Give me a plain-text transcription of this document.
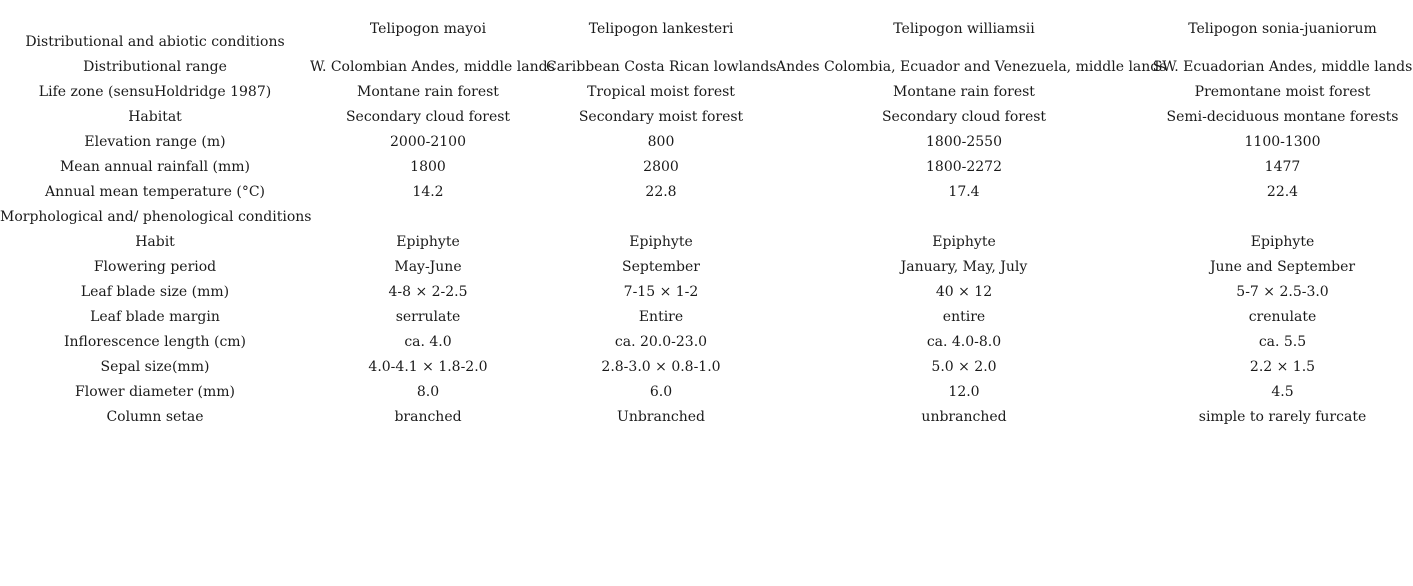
Distributional and abiotic conditions	Telipogon mayoi	Telipogon lankesteri	Telipogon williamsii	Telipogon sonia-juaniorum
Distributional range	W. Colombian Andes, middle lands	Caribbean Costa Rican lowlands	Andes Colombia, Ecuador and Venezuela, middle lands	SW. Ecuadorian Andes, middle lands
Life zone (sensuHoldridge 1987)	Montane rain forest	Tropical moist forest	Montane rain forest	Premontane moist forest
Habitat	Secondary cloud forest	Secondary moist forest	Secondary cloud forest	Semi-deciduous montane forests
Elevation range (m)	2000-2100	800	1800-2550	1100-1300
Mean annual rainfall (mm)	1800	2800	1800-2272	1477
Annual mean temperature (°C)	14.2	22.8	17.4	22.4
Morphological and/ phenological conditions				
Habit	Epiphyte	Epiphyte	Epiphyte	Epiphyte
Flowering period	May-June	September	January, May, July	June and September
Leaf blade size (mm)	4-8 × 2-2.5	7-15 × 1-2	40 × 12	5-7 × 2.5-3.0
Leaf blade margin	serrulate	Entire	entire	crenulate
Inflorescence length (cm)	ca. 4.0	ca. 20.0-23.0	ca. 4.0-8.0	ca. 5.5
Sepal size(mm)	4.0-4.1 × 1.8-2.0	2.8-3.0 × 0.8-1.0	5.0 × 2.0	2.2 × 1.5
Flower diameter (mm)	8.0	6.0	12.0	4.5
Column setae	branched	Unbranched	unbranched	simple to rarely furcate
